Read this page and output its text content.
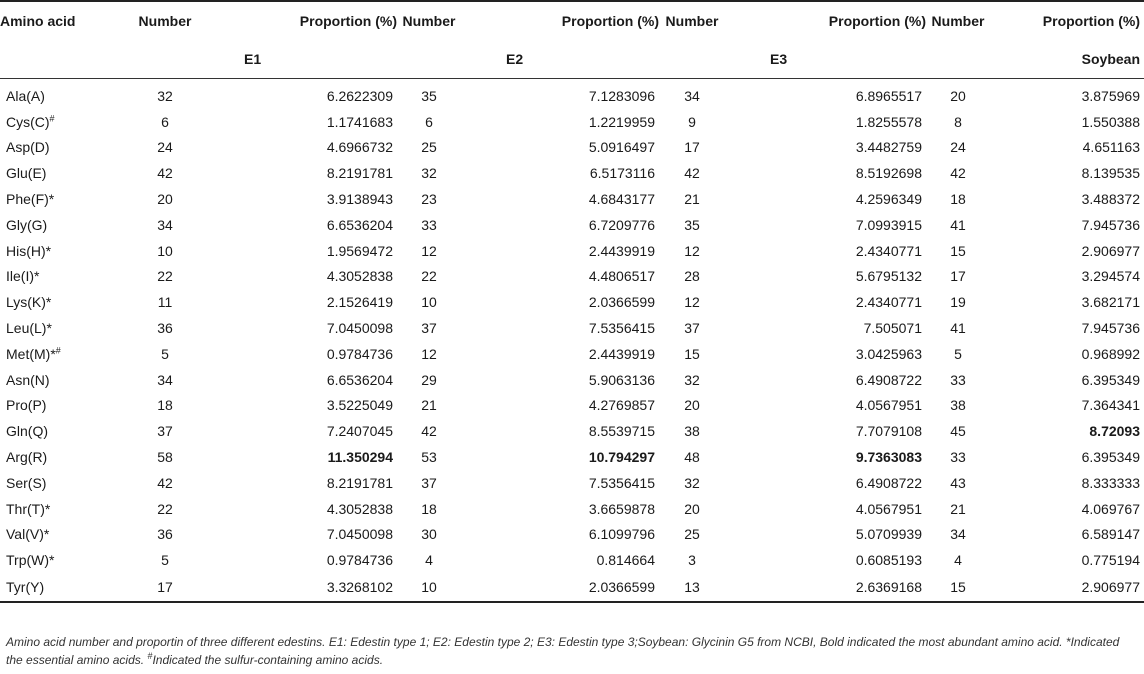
Amino acid	Number	Proportion (%)	Number	Proportion (%)	Number	Proportion (%)	Number	Proportion (%)
		E1		E2		E3		Soybean
Ala(A)	32	6.2622309	35	7.1283096	34	6.8965517	20	3.875969
Cys(C)#	6	1.1741683	6	1.2219959	9	1.8255578	8	1.550388
Asp(D)	24	4.6966732	25	5.0916497	17	3.4482759	24	4.651163
Glu(E)	42	8.2191781	32	6.5173116	42	8.5192698	42	8.139535
Phe(F)*	20	3.9138943	23	4.6843177	21	4.2596349	18	3.488372
Gly(G)	34	6.6536204	33	6.7209776	35	7.0993915	41	7.945736
His(H)*	10	1.9569472	12	2.4439919	12	2.4340771	15	2.906977
Ile(I)*	22	4.3052838	22	4.4806517	28	5.6795132	17	3.294574
Lys(K)*	11	2.1526419	10	2.0366599	12	2.4340771	19	3.682171
Leu(L)*	36	7.0450098	37	7.5356415	37	7.505071	41	7.945736
Met(M)*#	5	0.9784736	12	2.4439919	15	3.0425963	5	0.968992
Asn(N)	34	6.6536204	29	5.9063136	32	6.4908722	33	6.395349
Pro(P)	18	3.5225049	21	4.2769857	20	4.0567951	38	7.364341
Gln(Q)	37	7.2407045	42	8.5539715	38	7.7079108	45	8.72093
Arg(R)	58	11.350294	53	10.794297	48	9.7363083	33	6.395349
Ser(S)	42	8.2191781	37	7.5356415	32	6.4908722	43	8.333333
Thr(T)*	22	4.3052838	18	3.6659878	20	4.0567951	21	4.069767
Val(V)*	36	7.0450098	30	6.1099796	25	5.0709939	34	6.589147
Trp(W)*	5	0.9784736	4	0.814664	3	0.6085193	4	0.775194
Tyr(Y)	17	3.3268102	10	2.0366599	13	2.6369168	15	2.906977
Amino acid number and proportin of three different edestins. E1: Edestin type 1; E2: Edestin type 2; E3: Edestin type 3;Soybean: Glycinin G5 from NCBI, Bold indicated the most abundant amino acid. *Indicated the essential amino acids. #Indicated the sulfur-containing amino acids.
